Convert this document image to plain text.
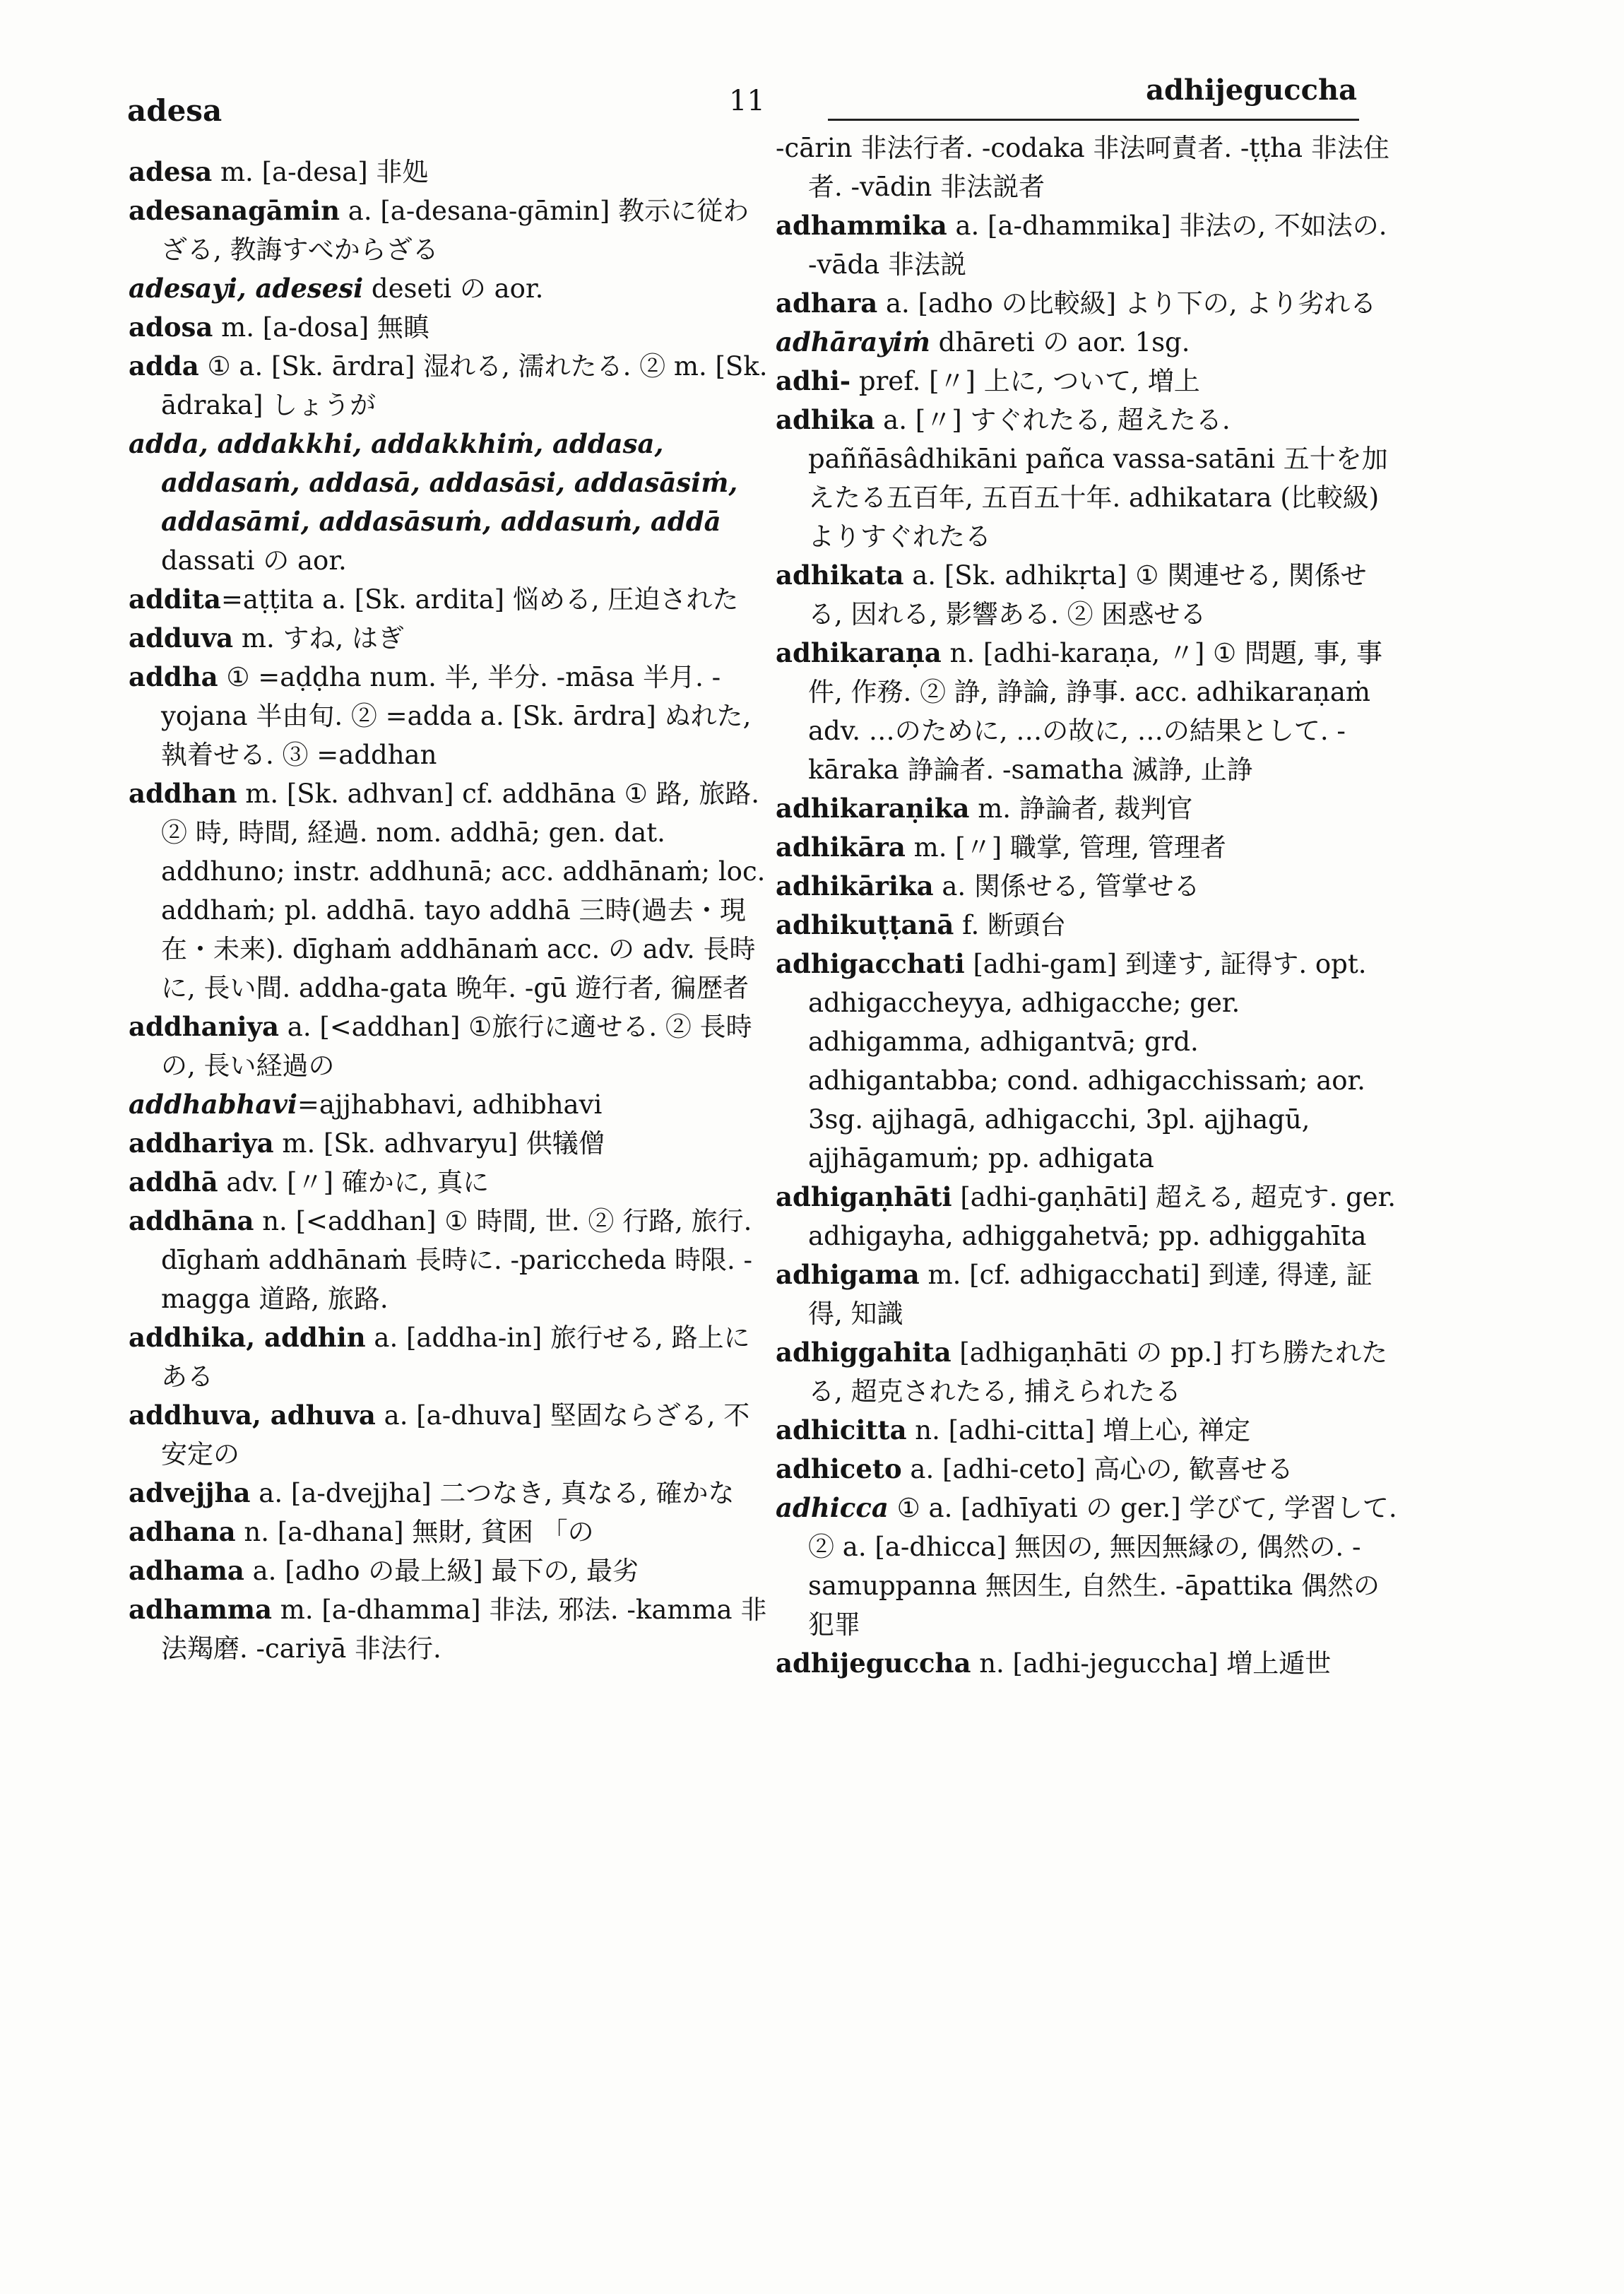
adesa	11	adhijeguccha

adesa m. [a-desa] 非処

adesanagāmin a. [a-desana-gāmin] 教示に従わざる, 教誨すべからざる

adesayi, adesesi deseti の aor.

adosa m. [a-dosa] 無瞋

adda ① a. [Sk. ārdra] 湿れる, 濡れたる. ② m. [Sk. ādraka] しょうが

adda, addakkhi, addakkhiṁ, addasa, addasaṁ, addasā, addasāsi, addasāsiṁ, addasāmi, addasāsuṁ, addasuṁ, addā dassati の aor.

addita=aṭṭita a. [Sk. ardita] 悩める, 圧迫された

adduva m. すね, はぎ

addha ① =aḍḍha num. 半, 半分. -māsa 半月. -yojana 半由旬. ② =adda a. [Sk. ārdra] ぬれた, 執着せる. ③ =addhan

addhan m. [Sk. adhvan] cf. addhāna ① 路, 旅路. ② 時, 時間, 経過. nom. addhā; gen. dat. addhuno; instr. addhunā; acc. addhānaṁ; loc. addhaṁ; pl. addhā. tayo addhā 三時(過去・現在・未来). dīghaṁ addhānaṁ acc. の adv. 長時に, 長い間. addha-gata 晩年. -gū 遊行者, 徧歴者

addhaniya a. [<addhan] ①旅行に適せる. ② 長時の, 長い経過の

addhabhavi=ajjhabhavi, adhibhavi

addhariya m. [Sk. adhvaryu] 供犠僧

addhā adv. [〃] 確かに, 真に

addhāna n. [<addhan] ① 時間, 世. ② 行路, 旅行. dīghaṁ addhānaṁ 長時に. -pariccheda 時限. -magga 道路, 旅路.

addhika, addhin a. [addha-in] 旅行せる, 路上にある

addhuva, adhuva a. [a-dhuva] 堅固ならざる, 不安定の

advejjha a. [a-dvejjha] 二つなき, 真なる, 確かな

adhana n. [a-dhana] 無財, 貧困 「の

adhama a. [adho の最上級] 最下の, 最劣

adhamma m. [a-dhamma] 非法, 邪法. -kamma 非法羯磨. -cariyā 非法行.

-cārin 非法行者. -codaka 非法呵責者. -ṭṭha 非法住者. -vādin 非法説者

adhammika a. [a-dhammika] 非法の, 不如法の. -vāda 非法説

adhara a. [adho の比較級] より下の, より劣れる

adhārayiṁ dhāreti の aor. 1sg.

adhi- pref. [〃] 上に, ついて, 増上

adhika a. [〃] すぐれたる, 超えたる. paññāsâdhikāni pañca vassa-satāni 五十を加えたる五百年, 五百五十年. adhikatara (比較級) よりすぐれたる

adhikata a. [Sk. adhikṛta] ① 関連せる, 関係せる, 因れる, 影響ある. ② 困惑せる

adhikaraṇa n. [adhi-karaṇa, 〃] ① 問題, 事, 事件, 作務. ② 諍, 諍論, 諍事. acc. adhikaraṇaṁ adv. …のために, …の故に, …の結果として. -kāraka 諍論者. -samatha 滅諍, 止諍

adhikaraṇika m. 諍論者, 裁判官

adhikāra m. [〃] 職掌, 管理, 管理者

adhikārika a. 関係せる, 管掌せる

adhikuṭṭanā f. 断頭台

adhigacchati [adhi-gam] 到達す, 証得す. opt. adhigaccheyya, adhigacche; ger. adhigamma, adhigantvā; grd. adhigantabba; cond. adhigacchissaṁ; aor. 3sg. ajjhagā, adhigacchi, 3pl. ajjhagū, ajjhāgamuṁ; pp. adhigata

adhigaṇhāti [adhi-gaṇhāti] 超える, 超克す. ger. adhigayha, adhiggahetvā; pp. adhiggahīta

adhigama m. [cf. adhigacchati] 到達, 得達, 証得, 知識

adhiggahita [adhigaṇhāti の pp.] 打ち勝たれたる, 超克されたる, 捕えられたる

adhicitta n. [adhi-citta] 増上心, 禅定

adhiceto a. [adhi-ceto] 高心の, 歓喜せる

adhicca ① a. [adhīyati の ger.] 学びて, 学習して. ② a. [a-dhicca] 無因の, 無因無縁の, 偶然の. -samuppanna 無因生, 自然生. -āpattika 偶然の犯罪

adhijeguccha n. [adhi-jeguccha] 増上遁世
